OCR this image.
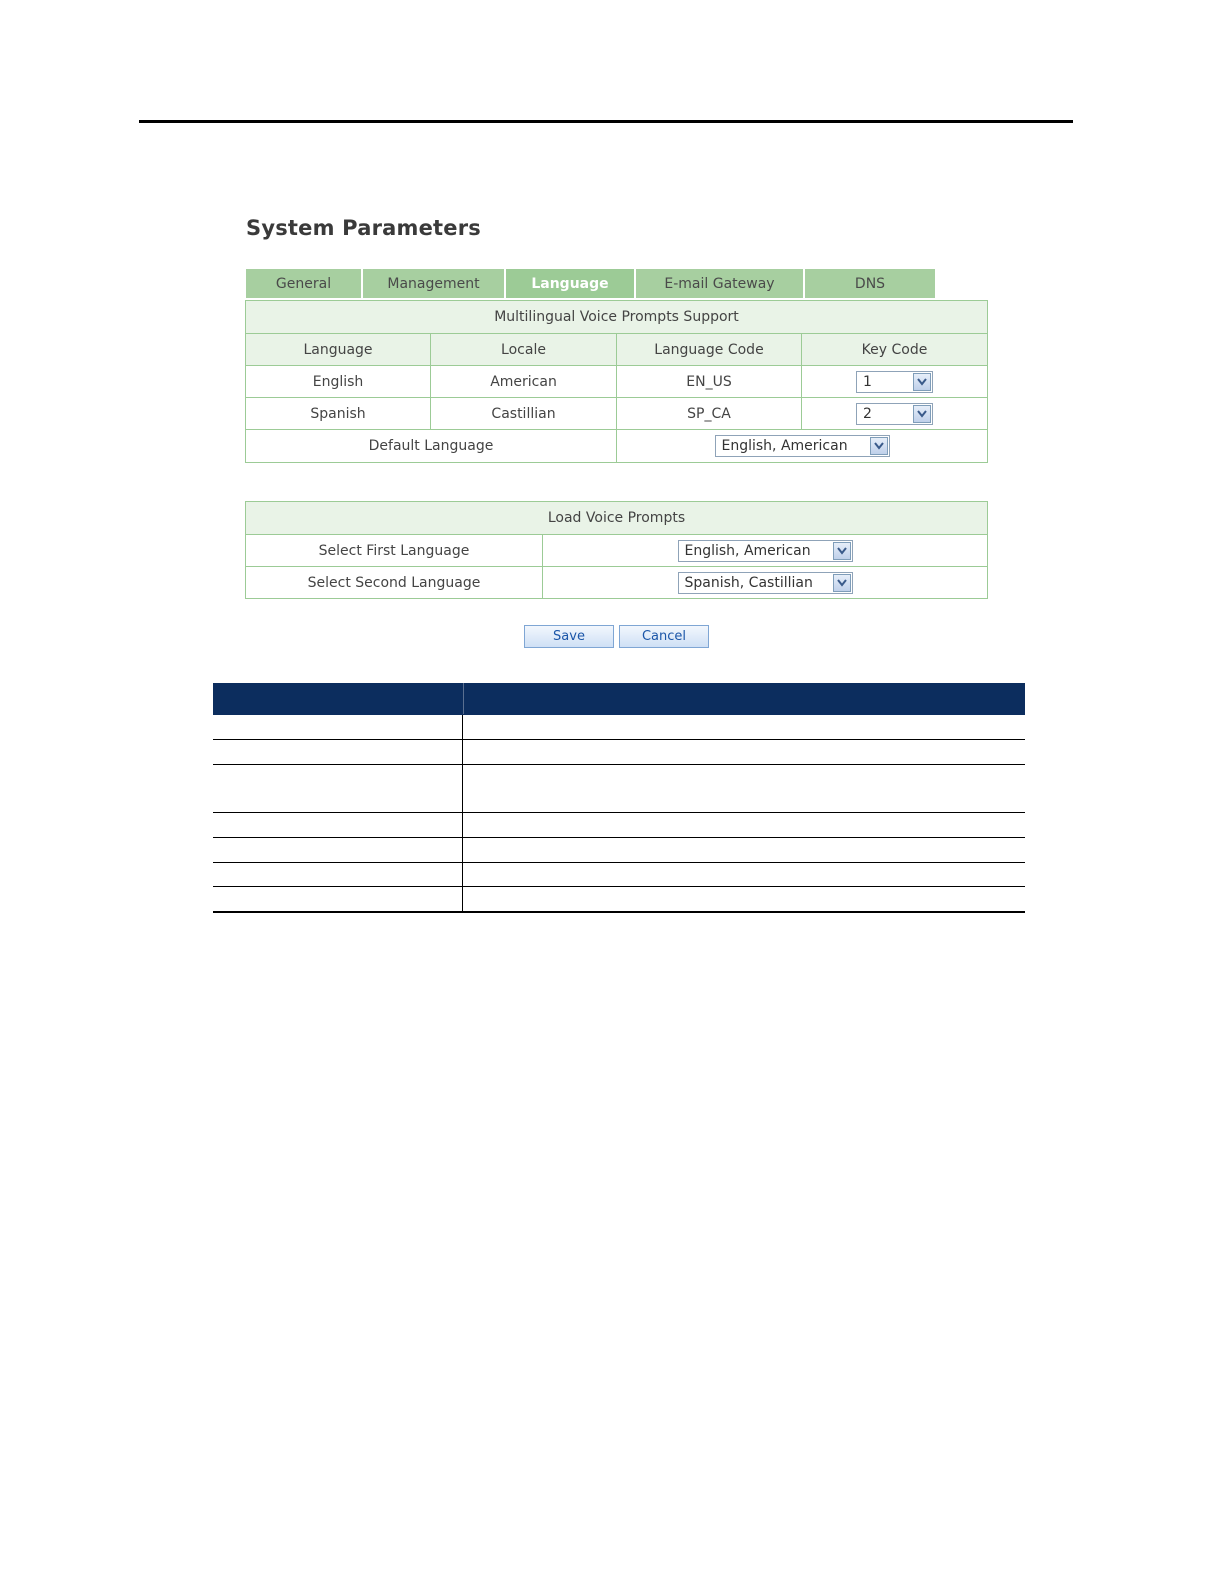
System Parameters
General	Management	Language	E-mail Gateway	DNS
Multilingual Voice Prompts Support
Language	Locale	Language Code	Key Code
English	American	EN_US	1
Spanish	Castillian	SP_CA	2
Default Language	English, American
Load Voice Prompts
Select First Language	English, American
Select Second Language	Spanish, Castillian
Save	Cancel
